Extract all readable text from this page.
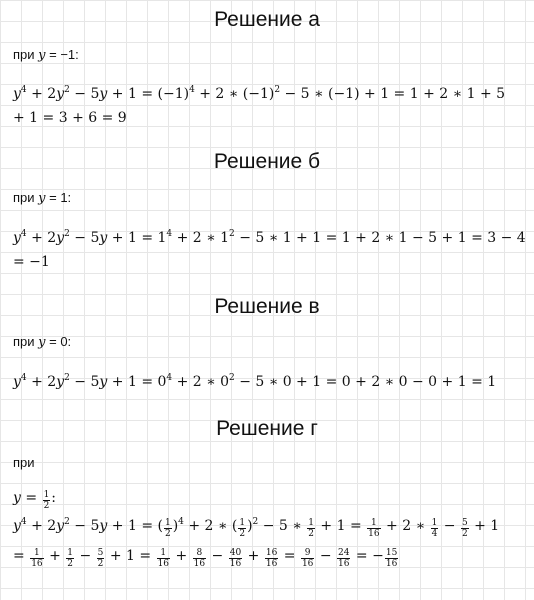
Решение а
при y = −1:
$y^4 + 2y^2 - 5y + 1 = (-1)^4 + 2$ ∗ $(-1)^2 - 5$ ∗ (−1) + 1 = 1 + 2 ∗ 1 + 5
+ 1 = 3 + 6 = 9
Решение б
при y = 1:
$y^4 + 2y^2 - 5y + 1 = 1^4 + 2$ ∗ $1^2 - 5$ ∗ 1 + 1 = 1 + 2 ∗ 1 − 5 + 1 = 3 − 4
= −1
Решение в
при y = 0:
$y^4 + 2y^2 - 5y + 1 = 0^4 + 2$ ∗ $0^2 - 5$ ∗ 0 + 1 = 0 + 2 ∗ 0 − 0 + 1 = 1
Решение г
при
$y = \frac{1}{2}$ :
$y^4 + 2y^2 - 5y + 1$ = ( $\frac{1}{2} )^4 + 2$ ∗ ( $\frac{1}{2} )^2 - 5$ ∗ $\frac{1}{2} + 1 = \frac{1}{16} + 2$ ∗ $\frac{1}{4} - \frac{5}{2} + 1$
= $\frac{1}{16} + \frac{1}{2} - \frac{5}{2} + 1 = \frac{1}{16} + \frac{8}{16} - \frac{40}{16} + \frac{16}{16} = \frac{9}{16} - \frac{24}{16}$ = − $\frac{15}{16}$
